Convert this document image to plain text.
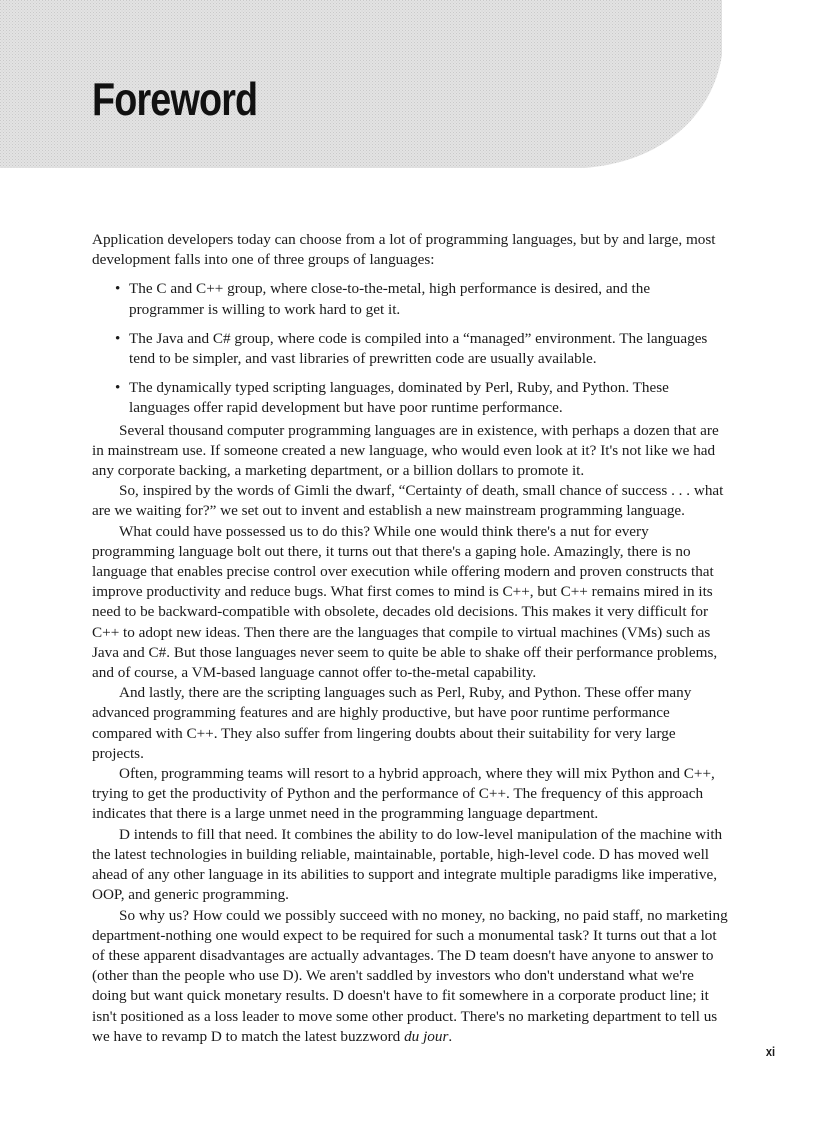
Foreword

Application developers today can choose from a lot of programming languages, but by and large, most development falls into one of three groups of languages:

• The C and C++ group, where close-to-the-metal, high performance is desired, and the programmer is willing to work hard to get it.
• The Java and C# group, where code is compiled into a “managed” environment. The languages tend to be simpler, and vast libraries of prewritten code are usually available.
• The dynamically typed scripting languages, dominated by Perl, Ruby, and Python. These languages offer rapid development but have poor runtime performance.

Several thousand computer programming languages are in existence, with perhaps a dozen that are in mainstream use. If someone created a new language, who would even look at it? It's not like we had any corporate backing, a marketing department, or a billion dollars to promote it.

So, inspired by the words of Gimli the dwarf, “Certainty of death, small chance of success . . . what are we waiting for?” we set out to invent and establish a new mainstream programming language.

What could have possessed us to do this? While one would think there's a nut for every programming language bolt out there, it turns out that there's a gaping hole. Amazingly, there is no language that enables precise control over execution while offering modern and proven constructs that improve productivity and reduce bugs. What first comes to mind is C++, but C++ remains mired in its need to be backward-compatible with obsolete, decades old decisions. This makes it very difficult for C++ to adopt new ideas. Then there are the languages that compile to virtual machines (VMs) such as Java and C#. But those languages never seem to quite be able to shake off their performance problems, and of course, a VM-based language cannot offer to-the-metal capability.

And lastly, there are the scripting languages such as Perl, Ruby, and Python. These offer many advanced programming features and are highly productive, but have poor runtime performance compared with C++. They also suffer from lingering doubts about their suitability for very large projects.

Often, programming teams will resort to a hybrid approach, where they will mix Python and C++, trying to get the productivity of Python and the performance of C++. The frequency of this approach indicates that there is a large unmet need in the programming language department.

D intends to fill that need. It combines the ability to do low-level manipulation of the machine with the latest technologies in building reliable, maintainable, portable, high-level code. D has moved well ahead of any other language in its abilities to support and integrate multiple paradigms like imperative, OOP, and generic programming.

So why us? How could we possibly succeed with no money, no backing, no paid staff, no marketing department-nothing one would expect to be required for such a monumental task? It turns out that a lot of these apparent disadvantages are actually advantages. The D team doesn't have anyone to answer to (other than the people who use D). We aren't saddled by investors who don't understand what we're doing but want quick monetary results. D doesn't have to fit somewhere in a corporate product line; it isn't positioned as a loss leader to move some other product. There's no marketing department to tell us we have to revamp D to match the latest buzzword du jour.

xi
